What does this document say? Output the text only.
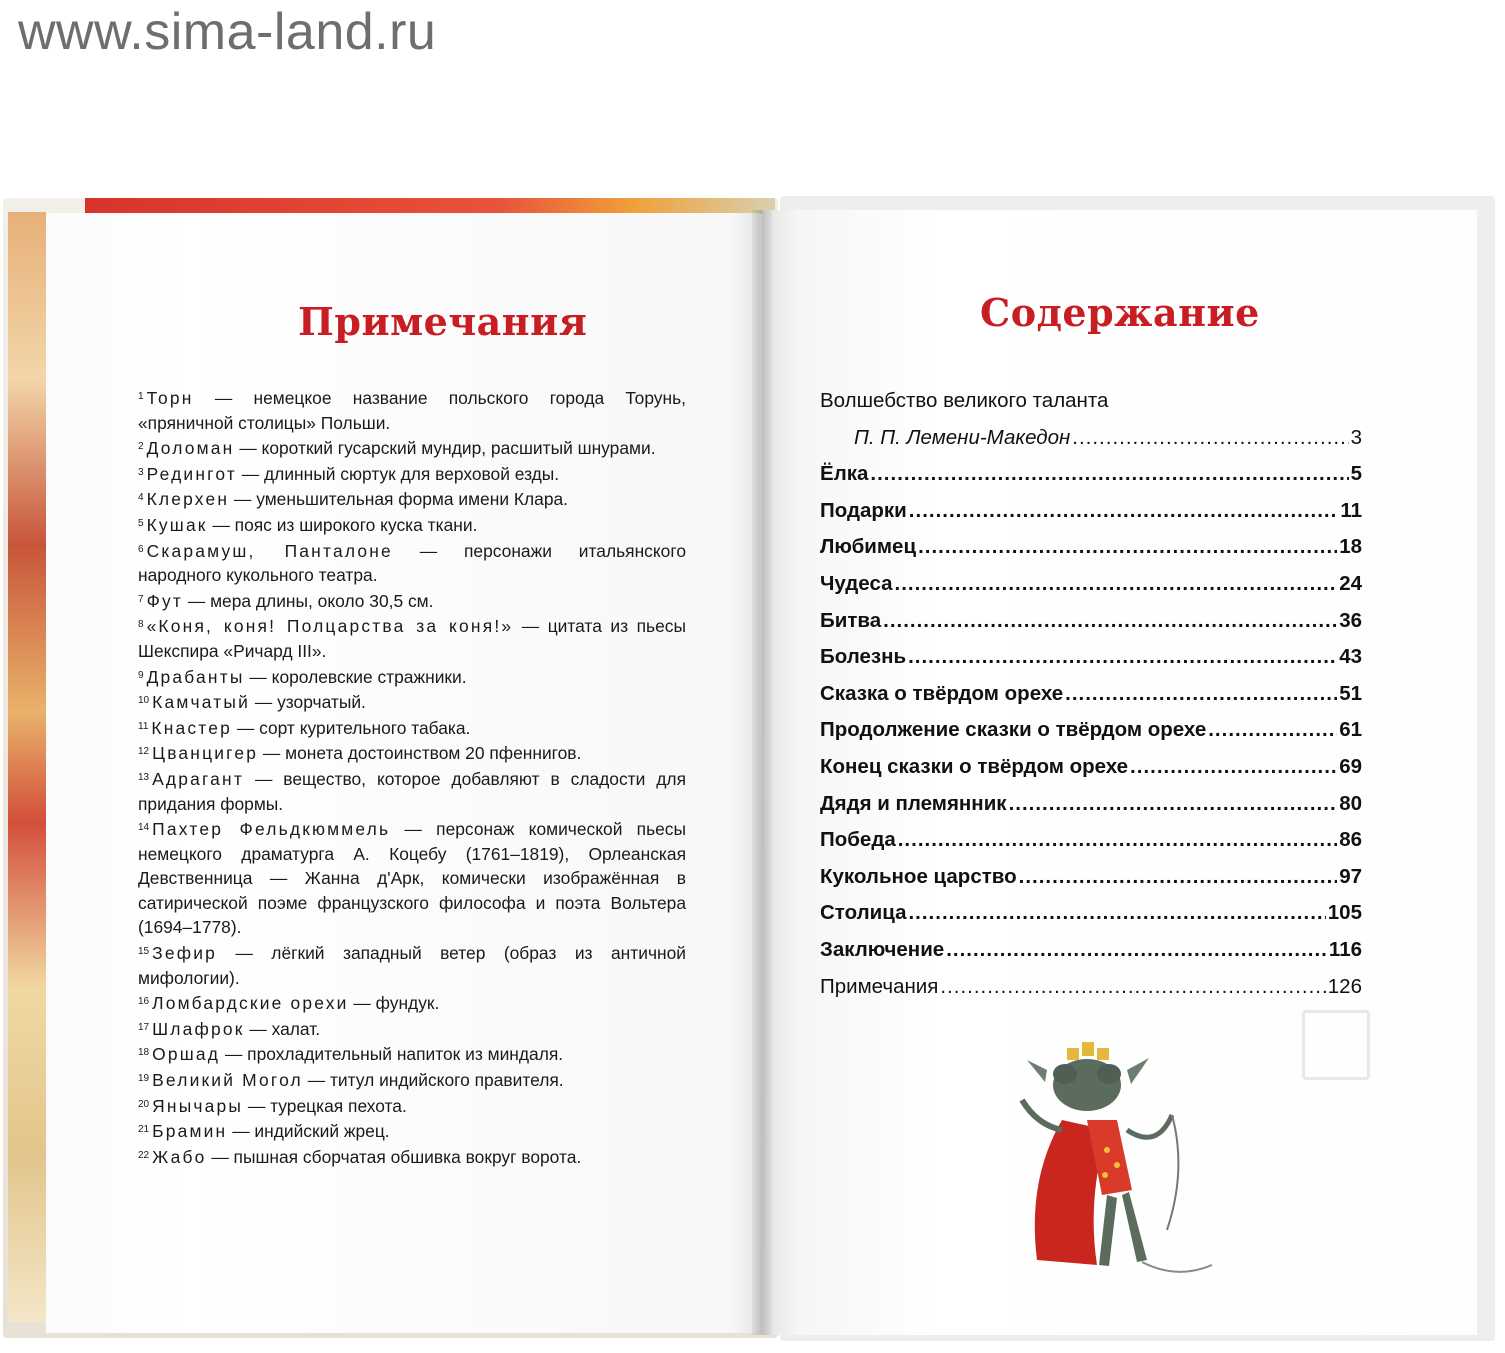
www.sima-land.ru
Примечания
$^1$ Торн — немецкое название польского города Торунь, «пряничной столицы» Польши.
$^2$ Доломан — короткий гусарский мундир, расшитый шнурами.
$^3$ Редингот — длинный сюртук для верховой езды.
$^4$ Клерхен — уменьшительная форма имени Клара.
$^5$ Кушак — пояс из широкого куска ткани.
$^6$ Скарамуш, Панталоне — персонажи итальянского народного кукольного театра.
$^7$ Фут — мера длины, около 30,5 см.
$^8$ «Коня, коня! Полцарства за коня!» — цитата из пьесы Шекспира «Ричард III».
$^9$ Драбанты — королевские стражники.
$^{10}$ Камчатый — узорчатый.
$^{11}$ Кнастер — сорт курительного табака.
$^{12}$ Цванцигер — монета достоинством 20 пфеннигов.
$^{13}$ Адрагант — вещество, которое добавляют в сладости для придания формы.
$^{14}$ Пахтер Фельдкюммель — персонаж комической пьесы немецкого драматурга А. Коцебу (1761–1819), Орлеанская Девственница — Жанна д'Арк, комически изображённая в сатирической поэме французского философа и поэта Вольтера (1694–1778).
$^{15}$ Зефир — лёгкий западный ветер (образ из античной мифологии).
$^{16}$ Ломбардские орехи — фундук.
$^{17}$ Шлафрок — халат.
$^{18}$ Оршад — прохладительный напиток из миндаля.
$^{19}$ Великий Могол — титул индийского правителя.
$^{20}$ Янычары — турецкая пехота.
$^{21}$ Брамин — индийский жрец.
$^{22}$ Жабо — пышная сборчатая обшивка вокруг ворота.
Содержание
Волшебство великого таланта
П. П. Лемени-Македон .....	3
Ёлка .....	5
Подарки .....	11
Любимец .....	18
Чудеса .....	24
Битва .....	36
Болезнь .....	43
Сказка о твёрдом орехе .....	51
Продолжение сказки о твёрдом орехе .....	61
Конец сказки о твёрдом орехе .....	69
Дядя и племянник .....	80
Победа .....	86
Кукольное царство .....	97
Столица .....	105
Заключение .....	116
Примечания .....	126
